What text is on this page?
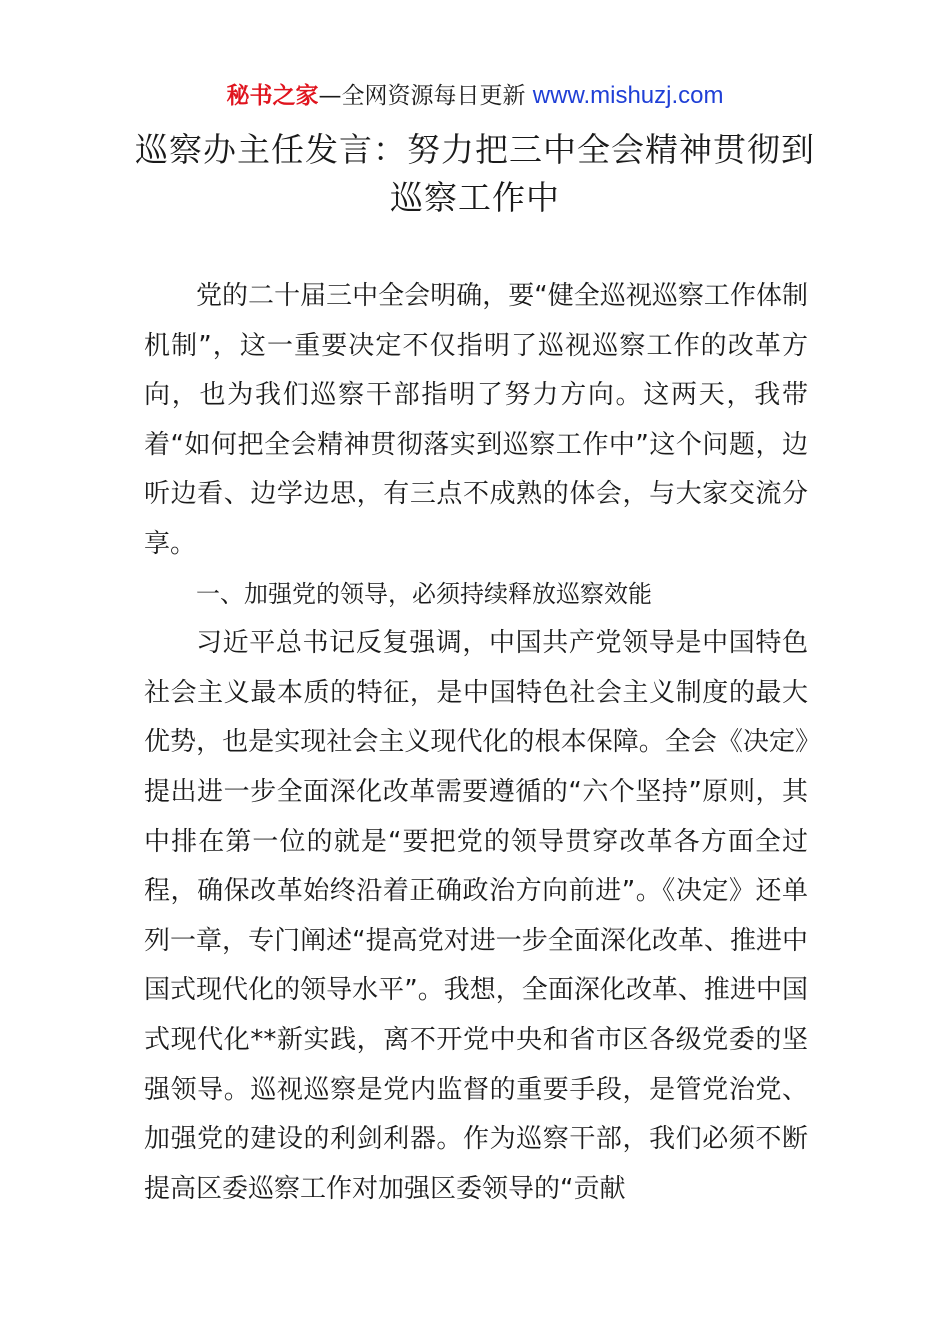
秘书之家—全网资源每日更新 www.mishuzj.com
巡察办主任发言：努力把三中全会精神贯彻到巡察工作中

党的二十届三中全会明确，要“健全巡视巡察工作体制机制”，这一重要决定不仅指明了巡视巡察工作的改革方向，也为我们巡察干部指明了努力方向。这两天，我带着“如何把全会精神贯彻落实到巡察工作中”这个问题，边听边看、边学边思，有三点不成熟的体会，与大家交流分享。

一、加强党的领导，必须持续释放巡察效能

习近平总书记反复强调，中国共产党领导是中国特色社会主义最本质的特征，是中国特色社会主义制度的最大优势，也是实现社会主义现代化的根本保障。全会《决定》提出进一步全面深化改革需要遵循的“六个坚持”原则，其中排在第一位的就是“要把党的领导贯穿改革各方面全过程，确保改革始终沿着正确政治方向前进”。《决定》还单列一章，专门阐述“提高党对进一步全面深化改革、推进中国式现代化的领导水平”。我想，全面深化改革、推进中国式现代化**新实践，离不开党中央和省市区各级党委的坚强领导。巡视巡察是党内监督的重要手段，是管党治党、加强党的建设的利剑利器。作为巡察干部，我们必须不断提高区委巡察工作对加强区委领导的“贡献
